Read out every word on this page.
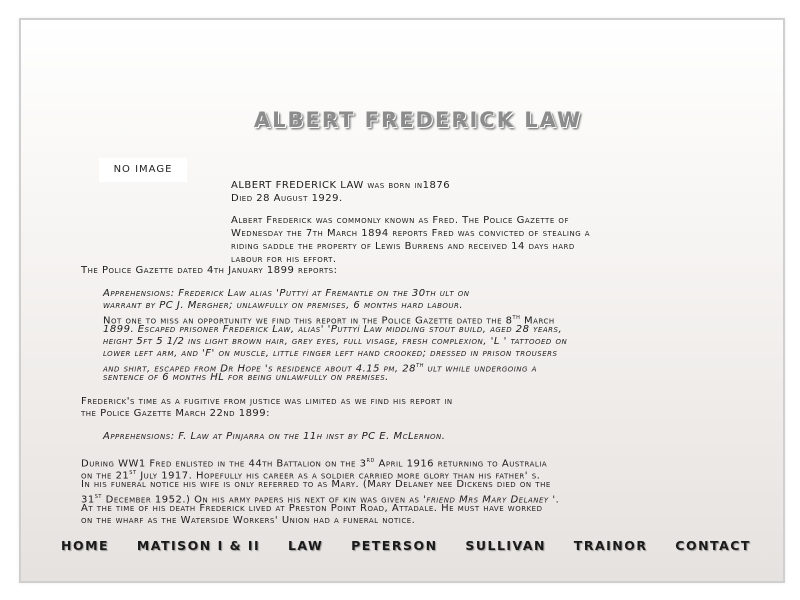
ALBERT FREDERICK LAW
NO IMAGE
ALBERT FREDERICK LAW was born in1876
Died 28 August 1929.
Albert Frederick was commonly known as Fred. The Police Gazette of
Wednesday the 7th March 1894 reports Fred was convicted of stealing a
riding saddle the property of Lewis Burrens and received 14 days hard
labour for his effort.
The Police Gazette dated 4th January 1899 reports:
Apprehensions: Frederick Law alias 'Puttyí at Fremantle on the 30th ult on
warrant by PC J. Mergher; unlawfully on premises, 6 months hard labour.
Not one to miss an opportunity we find this report in the Police Gazette dated the 8th March
1899. Escaped prisoner Frederick Law, alias' 'Puttyí Law middling stout build, aged 28 years,
height 5ft 5 1/2 ins light brown hair, grey eyes, full visage, fresh complexion, 'L ' tattooed on
lower left arm, and 'F' on muscle, little finger left hand crooked; dressed in prison trousers
and shirt, escaped from Dr Hope 's residence about 4.15 pm, 28th ult while undergoing a
sentence of 6 months HL for being unlawfully on premises.
Frederick's time as a fugitive from justice was limited as we find his report in
the Police Gazette March 22nd 1899:
Apprehensions: F. Law at Pinjarra on the 11h inst by PC E. McLernon.
During WW1 Fred enlisted in the 44th Battalion on the 3rd April 1916 returning to Australia
on the 21st July 1917. Hopefully his career as a soldier carried more glory than his father' s.
In his funeral notice his wife is only referred to as Mary. (Mary Delaney nee Dickens died on the
31st December 1952.) On his army papers his next of kin was given as 'friend Mrs Mary Delaney '.
At the time of his death Frederick lived at Preston Point Road, Attadale. He must have worked
on the wharf as the Waterside Workers' Union had a funeral notice.
HOME MATISON I & II LAW PETERSON SULLIVAN TRAINOR CONTACT
